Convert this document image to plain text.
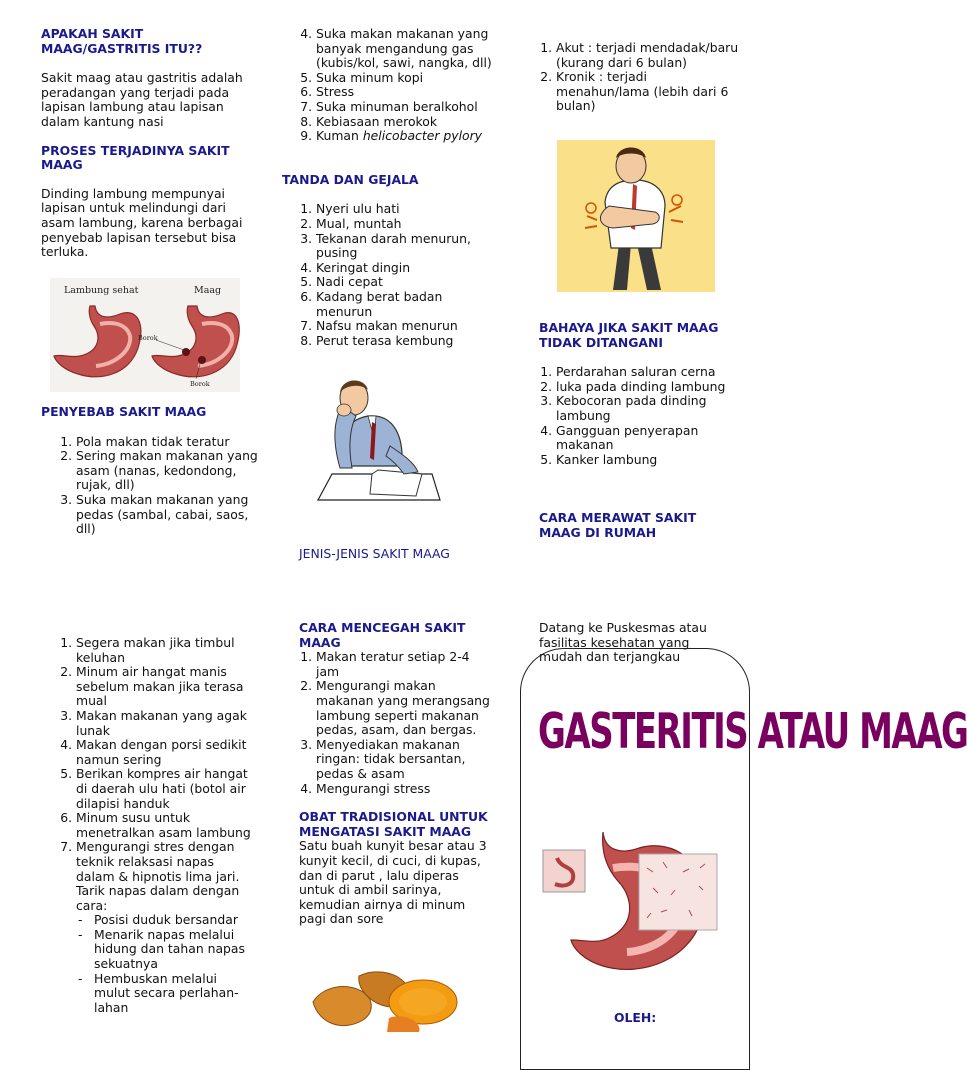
APAKAH SAKIT MAAG/GASTRITIS ITU??

Sakit maag atau gastritis adalah peradangan yang terjadi pada lapisan lambung atau lapisan dalam kantung nasi

PROSES TERJADINYA SAKIT MAAG

Dinding lambung mempunyai lapisan untuk melindungi dari asam lambung, karena berbagai penyebab lapisan tersebut bisa terluka.

Lambung sehat	Maag
Borok
Borok

PENYEBAB SAKIT MAAG

1. Pola makan tidak teratur
2. Sering makan makanan yang asam (nanas, kedondong, rujak, dll)
3. Suka makan makanan yang pedas (sambal, cabai, saos, dll)
4. Suka makan makanan yang banyak mengandung gas (kubis/kol, sawi, nangka, dll)
5. Suka minum kopi
6. Stress
7. Suka minuman beralkohol
8. Kebiasaan merokok
9. Kuman helicobacter pylory

TANDA DAN GEJALA

1. Nyeri ulu hati
2. Mual, muntah
3. Tekanan darah menurun, pusing
4. Keringat dingin
5. Nadi cepat
6. Kadang berat badan menurun
7. Nafsu makan menurun
8. Perut terasa kembung

JENIS-JENIS SAKIT MAAG

1. Akut : terjadi mendadak/baru (kurang dari 6 bulan)
2. Kronik : terjadi menahun/lama (lebih dari 6 bulan)

BAHAYA JIKA SAKIT MAAG TIDAK DITANGANI

1. Perdarahan saluran cerna
2. luka pada dinding lambung
3. Kebocoran pada dinding lambung
4. Gangguan penyerapan makanan
5. Kanker lambung

CARA MERAWAT SAKIT MAAG DI RUMAH

1. Segera makan jika timbul keluhan
2. Minum air hangat manis sebelum makan jika terasa mual
3. Makan makanan yang agak lunak
4. Makan dengan porsi sedikit namun sering
5. Berikan kompres air hangat di daerah ulu hati (botol air dilapisi handuk
6. Minum susu untuk menetralkan asam lambung
7. Mengurangi stres dengan teknik relaksasi napas dalam & hipnotis lima jari. Tarik napas dalam dengan cara:
- Posisi duduk bersandar
- Menarik napas melalui hidung dan tahan napas sekuatnya
- Hembuskan melalui mulut secara perlahan-lahan

CARA MENCEGAH SAKIT MAAG

1. Makan teratur setiap 2-4 jam
2. Mengurangi makan makanan yang merangsang lambung seperti makanan pedas, asam, dan bergas.
3. Menyediakan makanan ringan: tidak bersantan, pedas & asam
4. Mengurangi stress

OBAT TRADISIONAL UNTUK MENGATASI SAKIT MAAG

Satu buah kunyit besar atau 3 kunyit kecil, di cuci, di kupas, dan di parut , lalu diperas untuk di ambil sarinya, kemudian airnya di minum pagi dan sore

Datang ke Puskesmas atau fasilitas kesehatan yang mudah dan terjangkau

GASTERITIS ATAU MAAG

OLEH:
